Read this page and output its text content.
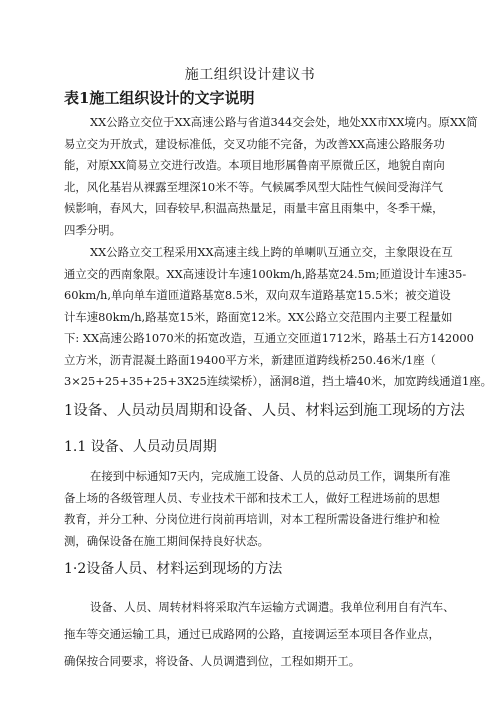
施工组织设计建议书
表1施工组织设计的文字说明
XX公路立交位于XX高速公路与省道344交会处，地处XX市XX境内。原XX简
易立交为开放式，建设标准低，交叉功能不完备，为改善XX高速公路服务功
能，对原XX简易立交进行改造。本项目地形属鲁南平原微丘区，地貌自南向
北，风化基岩从裸露至埋深10米不等。气候属季风型大陆性气候间受海洋气
候影响，春风大，回春较早,积温高热量足，雨量丰富且雨集中，冬季干燥，
四季分明。
XX公路立交工程采用XX高速主线上跨的单喇叭互通立交，主象限设在互
通立交的西南象限。XX高速设计车速100km/h,路基宽24.5m;匝道设计车速35-
60km/h,单向单车道匝道路基宽8.5米，双向双车道路基宽15.5米；被交道设
计车速80km/h,路基宽15米，路面宽12米。XX公路立交范围内主要工程量如
下: XX高速公路1070米的拓宽改造，互通立交匝道1712米，路基土石方142000
立方米，沥青混凝土路面19400平方米，新建匝道跨线桥250.46米/1座（
3×25+25+35+25+3X25连续梁桥），涵洞8道，挡土墙40米，加宽跨线通道1座。
1设备、人员动员周期和设备、人员、材料运到施工现场的方法
1.1 设备、人员动员周期
在接到中标通知7天内，完成施工设备、人员的总动员工作，调集所有准
备上场的各级管理人员、专业技术干部和技术工人，做好工程进场前的思想
教育，并分工种、分岗位进行岗前再培训，对本工程所需设备进行维护和检
测，确保设备在施工期间保持良好状态。
1·2设备人员、材料运到现场的方法
设备、人员、周转材料将采取汽车运输方式调遣。我单位利用自有汽车、
拖车等交通运输工具，通过已成路网的公路，直接调运至本项目各作业点，
确保按合同要求，将设备、人员调遣到位，工程如期开工。
